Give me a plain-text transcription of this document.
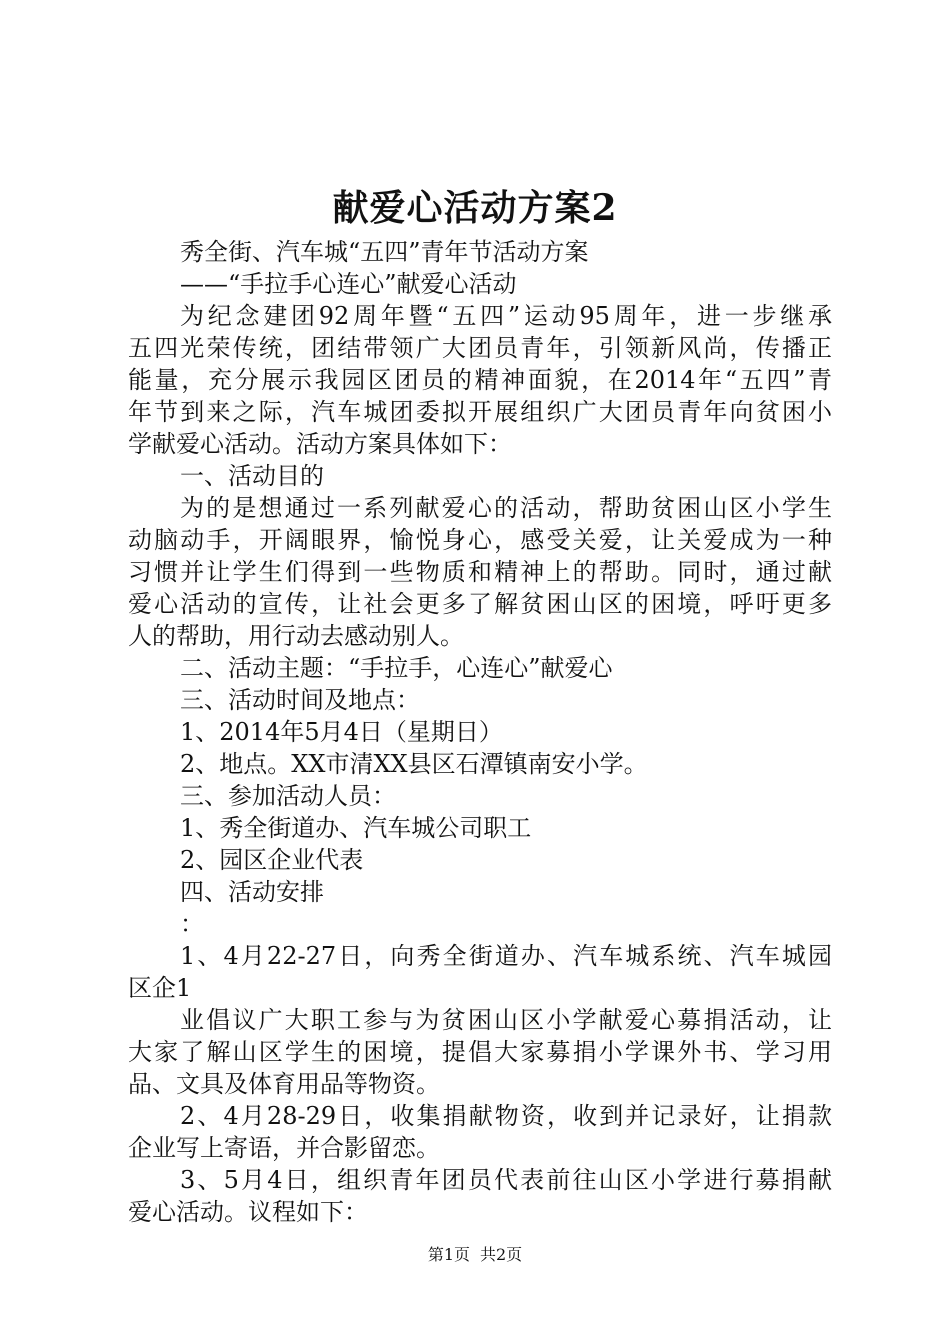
献爱心活动方案2
秀全街、汽车城“五四”青年节活动方案
——“手拉手心连心”献爱心活动
为纪念建团92周年暨“五四”运动95周年，进一步继承
五四光荣传统，团结带领广大团员青年，引领新风尚，传播正
能量，充分展示我园区团员的精神面貌，在2014年“五四”青
年节到来之际，汽车城团委拟开展组织广大团员青年向贫困小
学献爱心活动。活动方案具体如下：
一、活动目的
为的是想通过一系列献爱心的活动，帮助贫困山区小学生
动脑动手，开阔眼界，愉悦身心，感受关爱，让关爱成为一种
习惯并让学生们得到一些物质和精神上的帮助。同时，通过献
爱心活动的宣传，让社会更多了解贫困山区的困境，呼吁更多
人的帮助，用行动去感动别人。
二、活动主题：“手拉手，心连心”献爱心
三、活动时间及地点：
1、2014年5月4日（星期日）
2、地点。XX市清XX县区石潭镇南安小学。
三、参加活动人员：
1、秀全街道办、汽车城公司职工
2、园区企业代表
四、活动安排
：
1、4月22-27日，向秀全街道办、汽车城系统、汽车城园
区企1
业倡议广大职工参与为贫困山区小学献爱心募捐活动，让
大家了解山区学生的困境，提倡大家募捐小学课外书、学习用
品、文具及体育用品等物资。
2、4月28-29日，收集捐献物资，收到并记录好，让捐款
企业写上寄语，并合影留恋。
3、5月4日，组织青年团员代表前往山区小学进行募捐献
爱心活动。议程如下：
第1页 共2页
